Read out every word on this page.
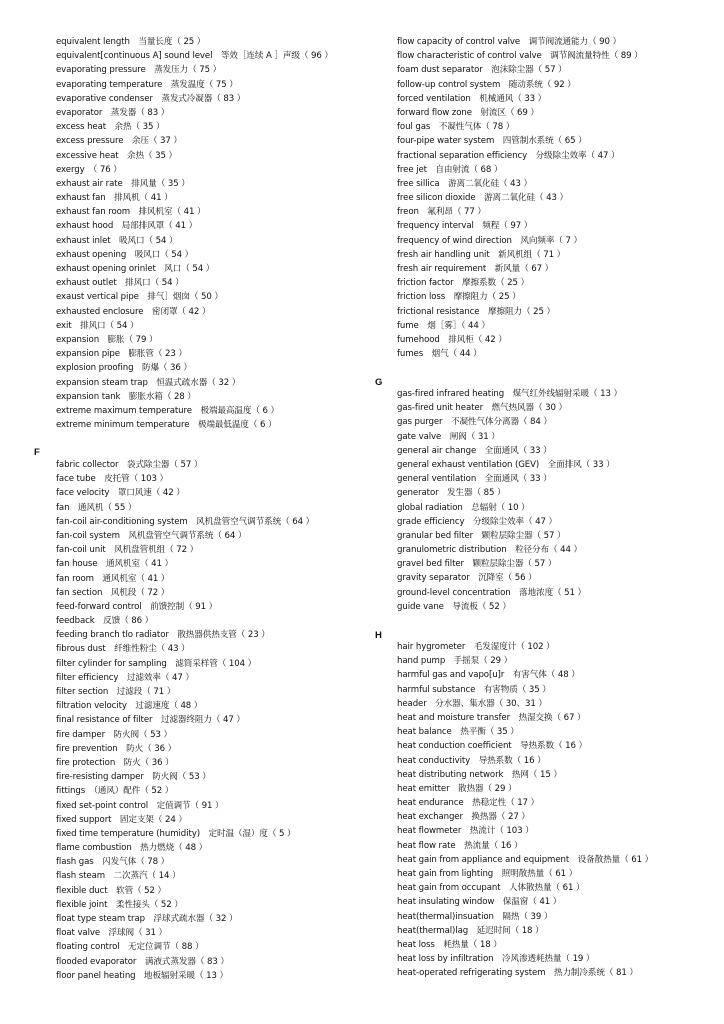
equivalent length　当量长度（ 25 ）
equivalent[continuous A] sound level　等效［连续 A ］声级（ 96 ）
evaporating pressure　蒸发压力（ 75 ）
evaporating temperature　蒸发温度（ 75 ）
evaporative condenser　蒸发式冷凝器（ 83 ）
evaporator　蒸发器（ 83 ）
excess heat　余热（ 35 ）
excess pressure　余压（ 37 ）
excessive heat　余热（ 35 ）
exergy　（ 76 ）
exhaust air rate　排风量（ 35 ）
exhaust fan　排风机（ 41 ）
exhaust fan room　排风机室（ 41 ）
exhaust hood　局部排风罩（ 41 ）
exhaust inlet　吸风口（ 54 ）
exhaust opening　吸风口（ 54 ）
exhaust opening orinlet　风口（ 54 ）
exhaust outlet　排风口（ 54 ）
exaust vertical pipe　排气］烟囱（ 50 ）
exhausted enclosure　密闭罩（ 42 ）
exit　排风口（ 54 ）
expansion　膨胀（ 79 ）
expansion pipe　膨胀管（ 23 ）
explosion proofing　防爆（ 36 ）
expansion steam trap　恒温式疏水器（ 32 ）
expansion tank　膨胀水箱（ 28 ）
extreme maximum temperature　极端最高温度（ 6 ）
extreme minimum temperature　极端最低温度（ 6 ）
F
fabric collector　袋式除尘器（ 57 ）
face tube　皮托管（ 103 ）
face velocity　罩口风速（ 42 ）
fan　通风机（ 55 ）
fan-coil air-conditioning system　风机盘管空气调节系统（ 64 ）
fan-coil system　风机盘管空气调节系统（ 64 ）
fan-coil unit　风机盘管机组（ 72 ）
fan house　通风机室（ 41 ）
fan room　通风机室（ 41 ）
fan section　风机段（ 72 ）
feed-forward control　前馈控制（ 91 ）
feedback　反馈（ 86 ）
feeding branch tlo radiator　散热器供热支管（ 23 ）
fibrous dust　纤维性粉尘（ 43 ）
filter cylinder for sampling　滤筒采样管（ 104 ）
filter efficiency　过滤效率（ 47 ）
filter section　过滤段（ 71 ）
filtration velocity　过滤速度（ 48 ）
final resistance of filter　过滤器终阻力（ 47 ）
fire damper　防火阀（ 53 ）
fire prevention　防火（ 36 ）
fire protection　防火（ 36 ）
fire-resisting damper　防火阀（ 53 ）
fittings　（通风）配件（ 52 ）
fixed set-point control　定值调节（ 91 ）
fixed support　固定支架（ 24 ）
fixed time temperature (humidity)　定时温（湿）度（ 5 ）
flame combustion　热力燃烧（ 48 ）
flash gas　闪发气体（ 78 ）
flash steam　二次蒸汽（ 14 ）
flexible duct　软管（ 52 ）
flexible joint　柔性接头（ 52 ）
float type steam trap　浮球式疏水器（ 32 ）
float valve　浮球阀（ 31 ）
floating control　无定位调节（ 88 ）
flooded evaporator　满液式蒸发器（ 83 ）
floor panel heating　地板辐射采暖（ 13 ）
flow capacity of control valve　调节阀流通能力（ 90 ）
flow characteristic of control valve　调节阀流量特性（ 89 ）
foam dust separator　泡沫除尘器（ 57 ）
follow-up control system　随动系统（ 92 ）
forced ventilation　机械通风（ 33 ）
forward flow zone　射流区（ 69 ）
foul gas　不凝性气体（ 78 ）
four-pipe water system　四管制水系统（ 65 ）
fractional separation efficiency　分级除尘效率（ 47 ）
free jet　自由射流（ 68 ）
free sillica　游离二氧化硅（ 43 ）
free silicon dioxide　游离二氧化硅（ 43 ）
freon　氟利昂（ 77 ）
frequency interval　频程（ 97 ）
frequency of wind direction　风向频率（ 7 ）
fresh air handling unit　新风机组（ 71 ）
fresh air requirement　新风量（ 67 ）
friction factor　摩擦系数（ 25 ）
friction loss　摩擦阻力（ 25 ）
frictional resistance　摩擦阻力（ 25 ）
fume　烟［雾］（ 44 ）
fumehood　排风柜（ 42 ）
fumes　烟气（ 44 ）
G
gas-fired infrared heating　煤气红外线辐射采暖（ 13 ）
gas-fired unit heater　燃气热风器（ 30 ）
gas purger　不凝性气体分离器（ 84 ）
gate valve　闸阀（ 31 ）
general air change　全面通风（ 33 ）
general exhaust ventilation (GEV)　全面排风（ 33 ）
general ventilation　全面通风（ 33 ）
generator　发生器（ 85 ）
global radiation　总辐射（ 10 ）
grade efficiency　分级除尘效率（ 47 ）
granular bed filter　颗粒层除尘器（ 57 ）
granulometric distribution　粒径分布（ 44 ）
gravel bed filter　颗粒层除尘器（ 57 ）
gravity separator　沉降室（ 56 ）
ground-level concentration　落地浓度（ 51 ）
guide vane　导流板（ 52 ）
H
hair hygrometer　毛发湿度计（ 102 ）
hand pump　手摇泵（ 29 ）
harmful gas and vapo[u]r　有害气体（ 48 ）
harmful substance　有害物质（ 35 ）
header　分水器、集水器（ 30、31 ）
heat and moisture transfer　热湿交换（ 67 ）
heat balance　热平衡（ 35 ）
heat conduction coefficient　导热系数（ 16 ）
heat conductivity　导热系数（ 16 ）
heat distributing network　热网（ 15 ）
heat emitter　散热器（ 29 ）
heat endurance　热稳定性（ 17 ）
heat exchanger　换热器（ 27 ）
heat flowmeter　热流计（ 103 ）
heat flow rate　热流量（ 16 ）
heat gain from appliance and equipment　设备散热量（ 61 ）
heat gain from lighting　照明散热量（ 61 ）
heat gain from occupant　人体散热量（ 61 ）
heat insulating window　保温窗（ 41 ）
heat(thermal)insuation　隔热（ 39 ）
heat(thermal)lag　延迟时间（ 18 ）
heat loss　耗热量（ 18 ）
heat loss by infiltration　冷风渗透耗热量（ 19 ）
heat-operated refrigerating system　热力制冷系统（ 81 ）
